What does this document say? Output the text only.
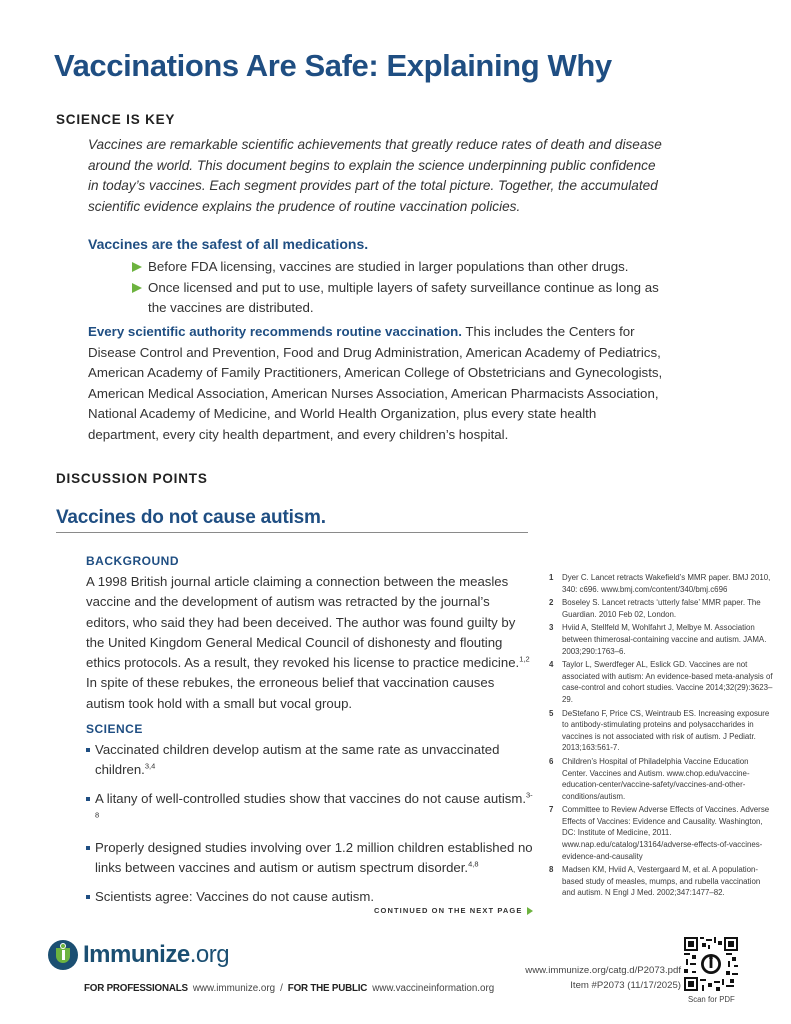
Vaccinations Are Safe: Explaining Why
SCIENCE IS KEY

Vaccines are remarkable scientific achievements that greatly reduce rates of death and disease around the world. This document begins to explain the science underpinning public confidence in today’s vaccines. Each segment provides part of the total picture. Together, the accumulated scientific evidence explains the prudence of routine vaccination policies.

Vaccines are the safest of all medications.
Before FDA licensing, vaccines are studied in larger populations than other drugs.
Once licensed and put to use, multiple layers of safety surveillance continue as long as the vaccines are distributed.

Every scientific authority recommends routine vaccination. This includes the Centers for Disease Control and Prevention, Food and Drug Administration, American Academy of Pediatrics, American Academy of Family Practitioners, American College of Obstetricians and Gynecologists, American Medical Association, American Nurses Association, American Pharmacists Association, National Academy of Medicine, and World Health Organization, plus every state health department, every city health department, and every children’s hospital.

DISCUSSION POINTS
Vaccines do not cause autism.
BACKGROUND

A 1998 British journal article claiming a connection between the measles vaccine and the development of autism was retracted by the journal’s editors, who said they had been deceived. The author was found guilty by the United Kingdom General Medical Council of dishonesty and flouting ethics protocols. As a result, they revoked his license to practice medicine.$^{1,2}$ In spite of these rebukes, the erroneous belief that vaccination causes autism took hold with a small but vocal group.

SCIENCE
Vaccinated children develop autism at the same rate as unvaccinated children.$^{3,4}$
A litany of well-controlled studies show that vaccines do not cause autism.$^{3-8}$
Properly designed studies involving over 1.2 million children established no links between vaccines and autism or autism spectrum disorder.$^{4,8}$
Scientists agree: Vaccines do not cause autism.
CONTINUED ON THE NEXT PAGE
1 Dyer C. Lancet retracts Wakefield’s MMR paper. BMJ 2010, 340: c696. www.bmj.com/content/340/bmj.c696
2 Boseley S. Lancet retracts ‘utterly false’ MMR paper. The Guardian. 2010 Feb 02, London.
3 Hviid A, Stellfeld M, Wohlfahrt J, Melbye M. Association between thimerosal-containing vaccine and autism. JAMA. 2003;290:1763–6.
4 Taylor L, Swerdfeger AL, Eslick GD. Vaccines are not associated with autism: An evidence-based meta-analysis of case-control and cohort studies. Vaccine 2014;32(29):3623–29.
5 DeStefano F, Price CS, Weintraub ES. Increasing exposure to antibody-stimulating proteins and polysaccharides in vaccines is not associated with risk of autism. J Pediatr. 2013;163:561-7.
6 Children’s Hospital of Philadelphia Vaccine Education Center. Vaccines and Autism. www.chop.edu/vaccine-education-center/vaccine-safety/vaccines-and-other-conditions/autism.
7 Committee to Review Adverse Effects of Vaccines. Adverse Effects of Vaccines: Evidence and Causality. Washington, DC: Institute of Medicine, 2011. www.nap.edu/catalog/13164/adverse-effects-of-vaccines-evidence-and-causality
8 Madsen KM, Hviid A, Vestergaard M, et al. A population-based study of measles, mumps, and rubella vaccination and autism. N Engl J Med. 2002;347:1477–82.
Immunize.org
FOR PROFESSIONALS www.immunize.org / FOR THE PUBLIC www.vaccineinformation.org
www.immunize.org/catg.d/P2073.pdf
Item #P2073 (11/17/2025)
Scan for PDF
